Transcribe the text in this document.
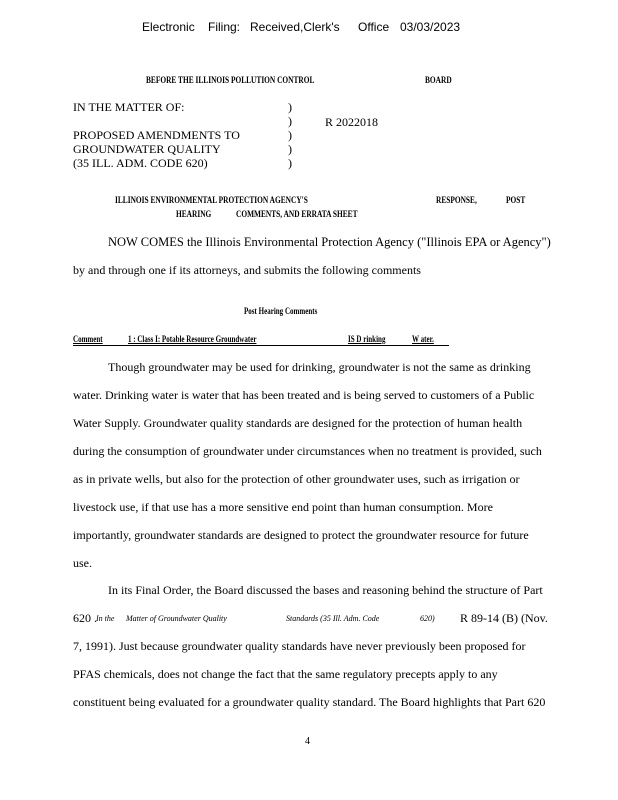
Electronic Filing: Received,Clerk's Office 03/03/2023
BEFORE THE ILLINOIS POLLUTION CONTROL	BOARD
IN THE MATTER OF:
PROPOSED AMENDMENTS TO
GROUNDWATER QUALITY
(35 ILL. ADM. CODE 620)
)
)
)
)
)
R 2022018
ILLINOIS ENVIRONMENTAL PROTECTION AGENCY'S	RESPONSE,	POST
HEARING	COMMENTS, AND ERRATA SHEET
NOW COMES the Illinois Environmental Protection Agency ("Illinois EPA or Agency")
by and through one if its attorneys, and submits the following comments
Post Hearing Comments
Comment	1 : Class I: Potable Resource Groundwater	IS D rinking	W ater.
Though groundwater may be used for drinking, groundwater is not the same as drinking
water. Drinking water is water that has been treated and is being served to customers of a Public
Water Supply. Groundwater quality standards are designed for the protection of human health
during the consumption of groundwater under circumstances when no treatment is provided, such
as in private wells, but also for the protection of other groundwater uses, such as irrigation or
livestock use, if that use has a more sensitive end point than human consumption. More
importantly, groundwater standards are designed to protect the groundwater resource for future
use.
In its Final Order, the Board discussed the bases and reasoning behind the structure of Part
620 . In the Matter of Groundwater Quality	Standards (35 Ill. Adm. Code	620) R 89-14 (B) (Nov.
7, 1991). Just because groundwater quality standards have never previously been proposed for
PFAS chemicals, does not change the fact that the same regulatory precepts apply to any
constituent being evaluated for a groundwater quality standard. The Board highlights that Part 620
4
